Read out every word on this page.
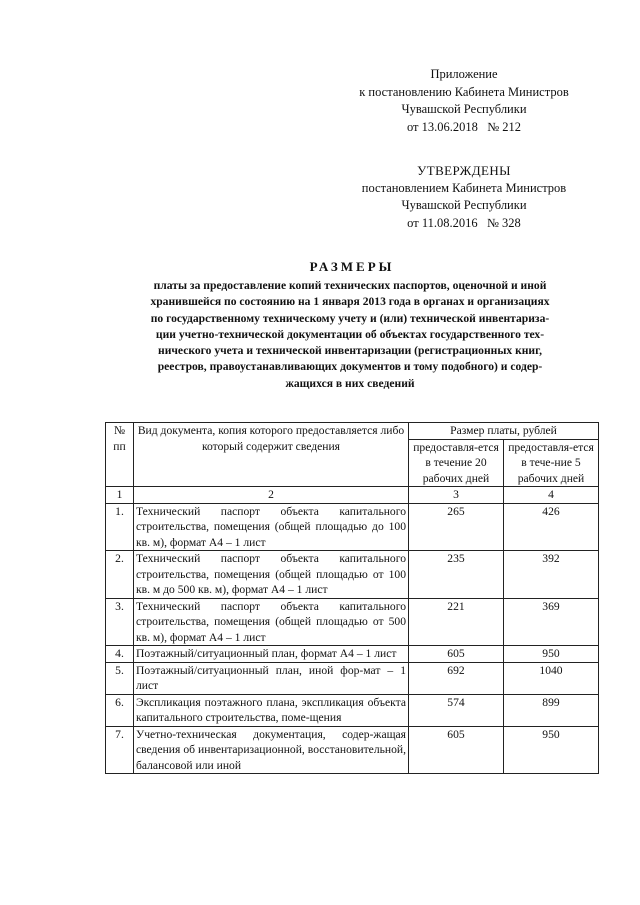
Приложение
к постановлению Кабинета Министров
Чувашской Республики
от 13.06.2018   № 212
УТВЕРЖДЕНЫ
постановлением Кабинета Министров
Чувашской Республики
от 11.08.2016   № 328
РАЗМЕРЫ
платы за предоставление копий технических паспортов, оценочной и иной
хранившейся по состоянию на 1 января 2013 года в органах и организациях
по государственному техническому учету и (или) технической инвентариза-
ции учетно-технической документации об объектах государственного тех-
нического учета и технической инвентаризации (регистрационных книг,
реестров, правоустанавливающих документов и тому подобного) и содер-
жащихся в них сведений
№ пп	Вид документа, копия которого предоставляется либо который содержит сведения	Размер платы, рублей	
		предоставля-ется в течение 20 рабочих дней	предоставля-ется в тече-ние 5 рабочих дней
1	2	3	4
1.	Технический паспорт объекта капитального строительства, помещения (общей площадью до 100 кв. м), формат А4 – 1 лист	265	426
2.	Технический паспорт объекта капитального строительства, помещения (общей площадью от 100 кв. м до 500 кв. м), формат А4 – 1 лист	235	392
3.	Технический паспорт объекта капитального строительства, помещения (общей площадью от 500 кв. м), формат А4 – 1 лист	221	369
4.	Поэтажный/ситуационный план, формат А4 – 1 лист	605	950
5.	Поэтажный/ситуационный план, иной фор-мат – 1 лист	692	1040
6.	Экспликация поэтажного плана, экспликация объекта капитального строительства, поме-щения	574	899
7.	Учетно-техническая документация, содер-жащая сведения об инвентаризационной, восстановительной, балансовой или иной	605	950
